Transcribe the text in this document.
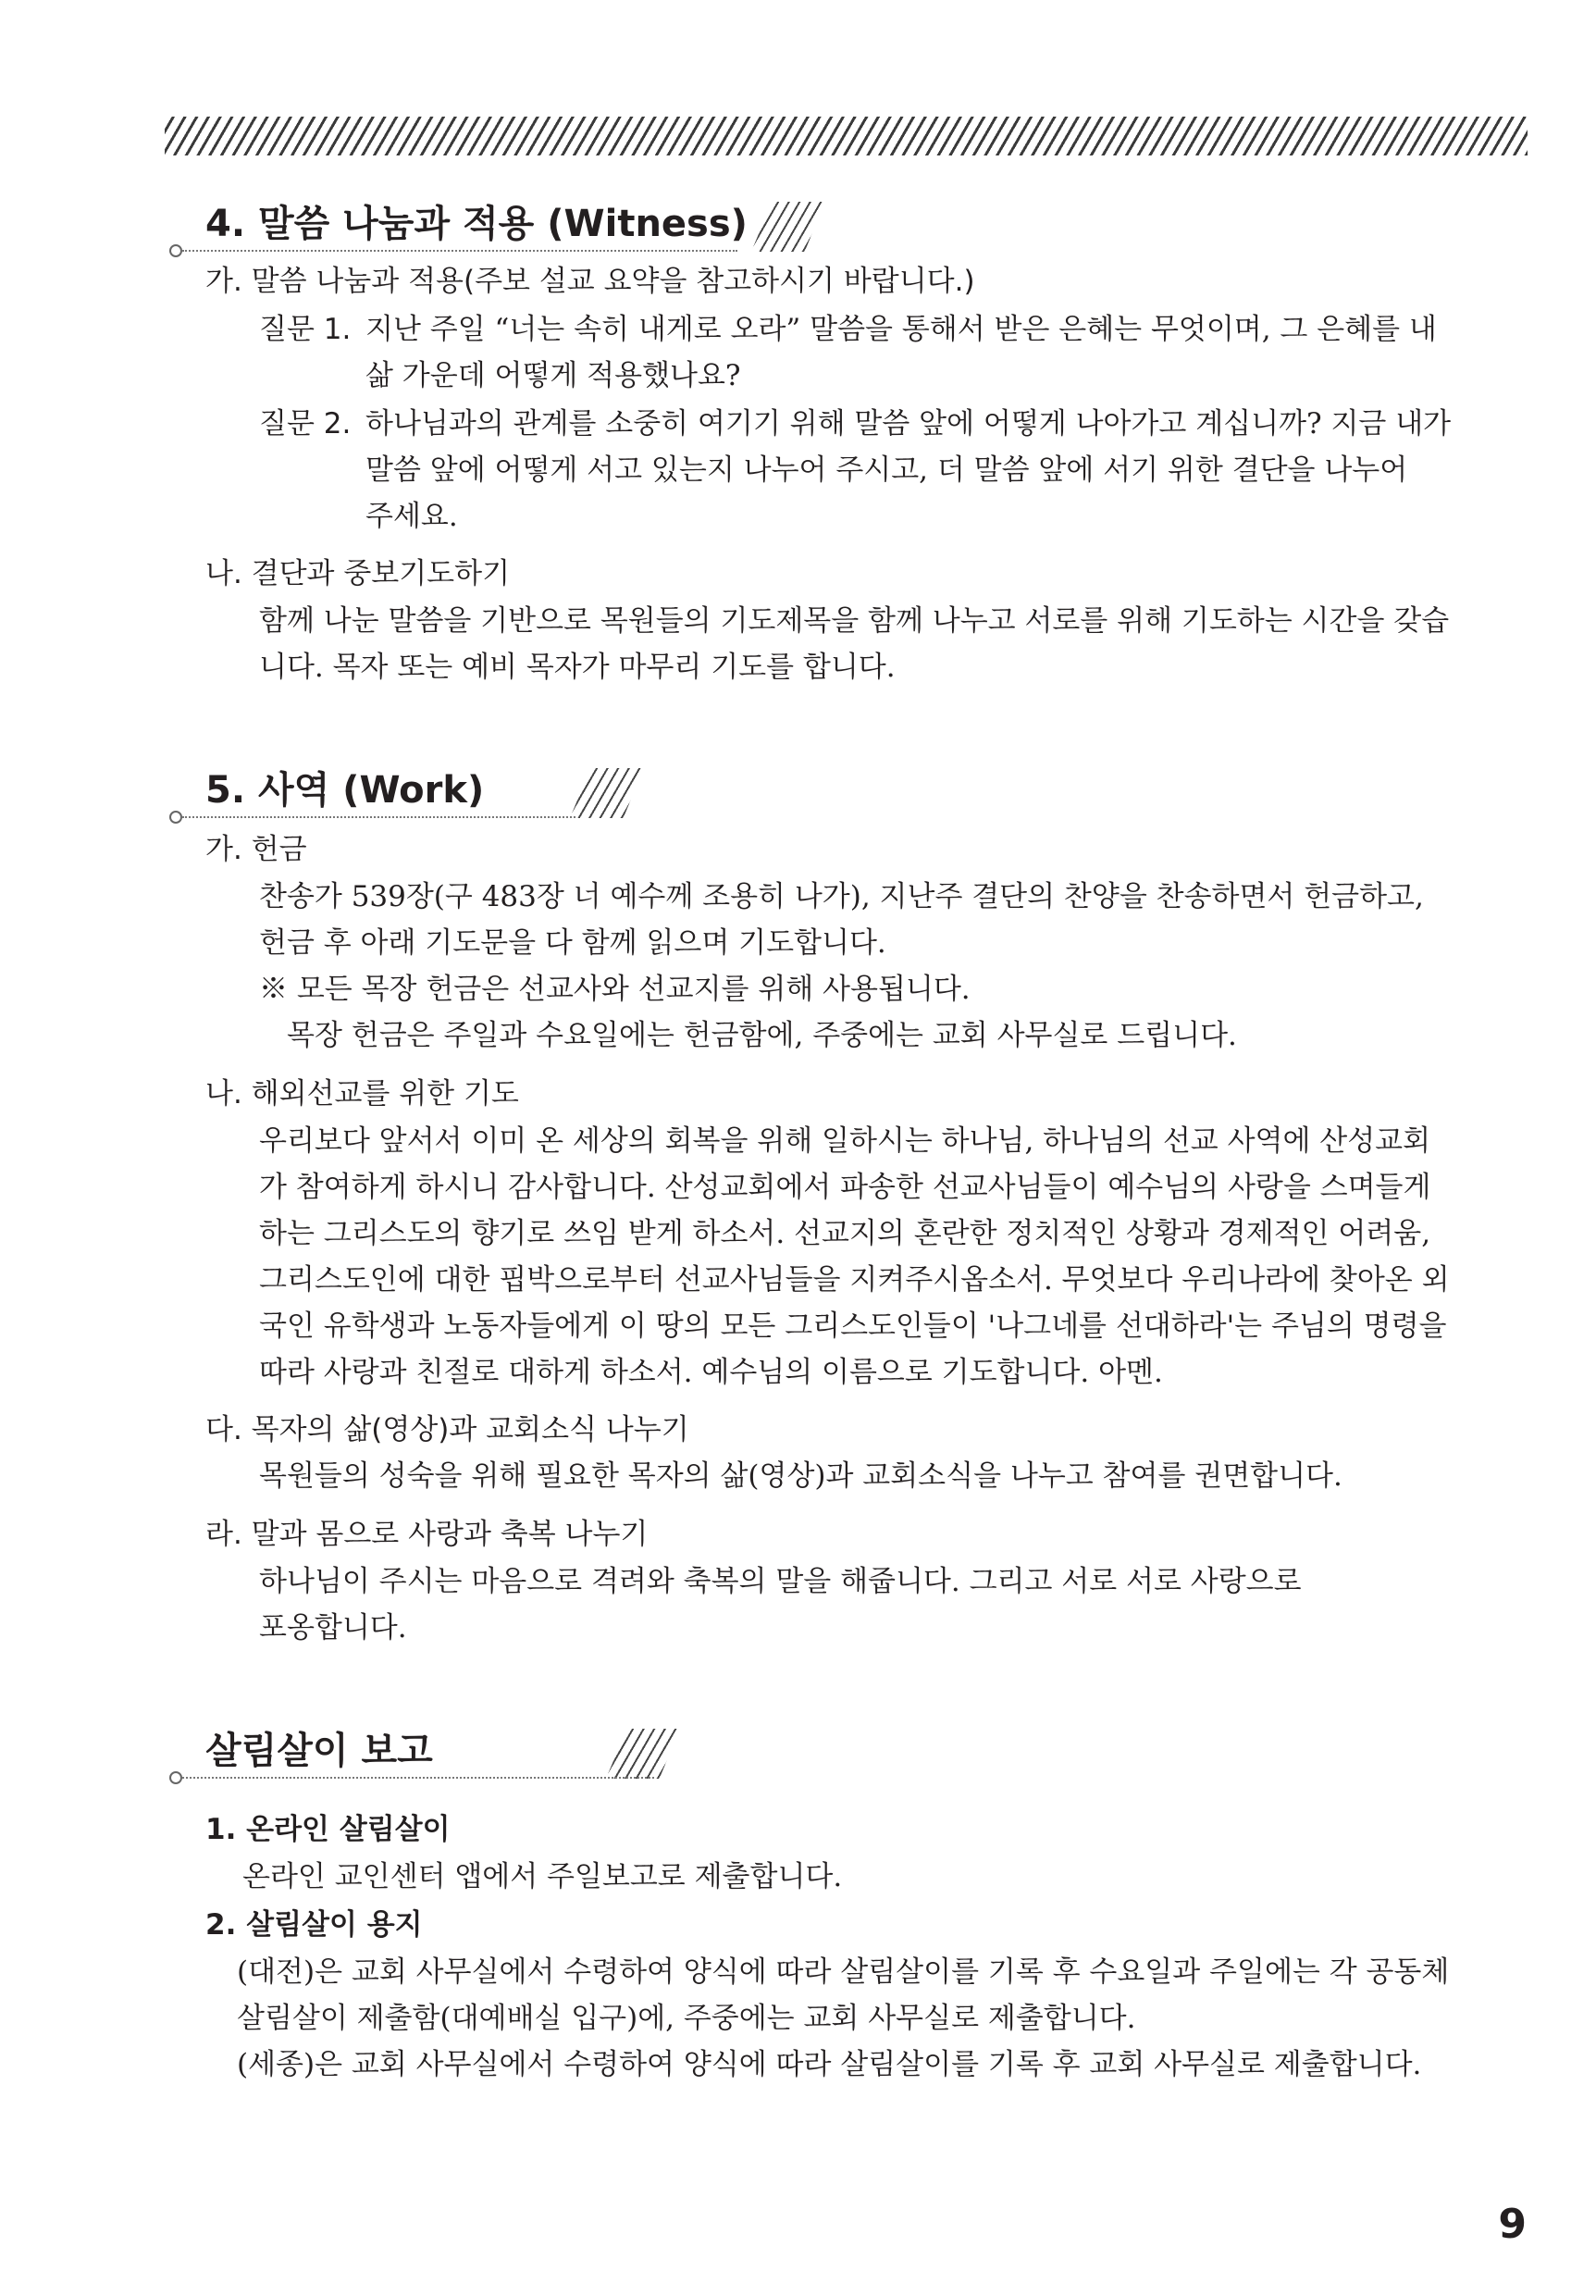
4. 말씀 나눔과 적용 (Witness)
가. 말씀 나눔과 적용(주보 설교 요약을 참고하시기 바랍니다.)
질문 1. 지난 주일 “너는 속히 내게로 오라” 말씀을 통해서 받은 은혜는 무엇이며, 그 은혜를 내
삶 가운데 어떻게 적용했나요?
질문 2. 하나님과의 관계를 소중히 여기기 위해 말씀 앞에 어떻게 나아가고 계십니까? 지금 내가
말씀 앞에 어떻게 서고 있는지 나누어 주시고, 더 말씀 앞에 서기 위한 결단을 나누어
주세요.
나. 결단과 중보기도하기
함께 나눈 말씀을 기반으로 목원들의 기도제목을 함께 나누고 서로를 위해 기도하는 시간을 갖습
니다. 목자 또는 예비 목자가 마무리 기도를 합니다.
5. 사역 (Work)
가. 헌금
찬송가 539장(구 483장 너 예수께 조용히 나가), 지난주 결단의 찬양을 찬송하면서 헌금하고,
헌금 후 아래 기도문을 다 함께 읽으며 기도합니다.
※ 모든 목장 헌금은 선교사와 선교지를 위해 사용됩니다.
목장 헌금은 주일과 수요일에는 헌금함에, 주중에는 교회 사무실로 드립니다.
나. 해외선교를 위한 기도
우리보다 앞서서 이미 온 세상의 회복을 위해 일하시는 하나님, 하나님의 선교 사역에 산성교회
가 참여하게 하시니 감사합니다. 산성교회에서 파송한 선교사님들이 예수님의 사랑을 스며들게
하는 그리스도의 향기로 쓰임 받게 하소서. 선교지의 혼란한 정치적인 상황과 경제적인 어려움,
그리스도인에 대한 핍박으로부터 선교사님들을 지켜주시옵소서. 무엇보다 우리나라에 찾아온 외
국인 유학생과 노동자들에게 이 땅의 모든 그리스도인들이 '나그네를 선대하라'는 주님의 명령을
따라 사랑과 친절로 대하게 하소서. 예수님의 이름으로 기도합니다. 아멘.
다. 목자의 삶(영상)과 교회소식 나누기
목원들의 성숙을 위해 필요한 목자의 삶(영상)과 교회소식을 나누고 참여를 권면합니다.
라. 말과 몸으로 사랑과 축복 나누기
하나님이 주시는 마음으로 격려와 축복의 말을 해줍니다. 그리고 서로 서로 사랑으로
포옹합니다.
살림살이 보고
1. 온라인 살림살이
온라인 교인센터 앱에서 주일보고로 제출합니다.
2. 살림살이 용지
(대전)은 교회 사무실에서 수령하여 양식에 따라 살림살이를 기록 후 수요일과 주일에는 각 공동체
살림살이 제출함(대예배실 입구)에, 주중에는 교회 사무실로 제출합니다.
(세종)은 교회 사무실에서 수령하여 양식에 따라 살림살이를 기록 후 교회 사무실로 제출합니다.
9
